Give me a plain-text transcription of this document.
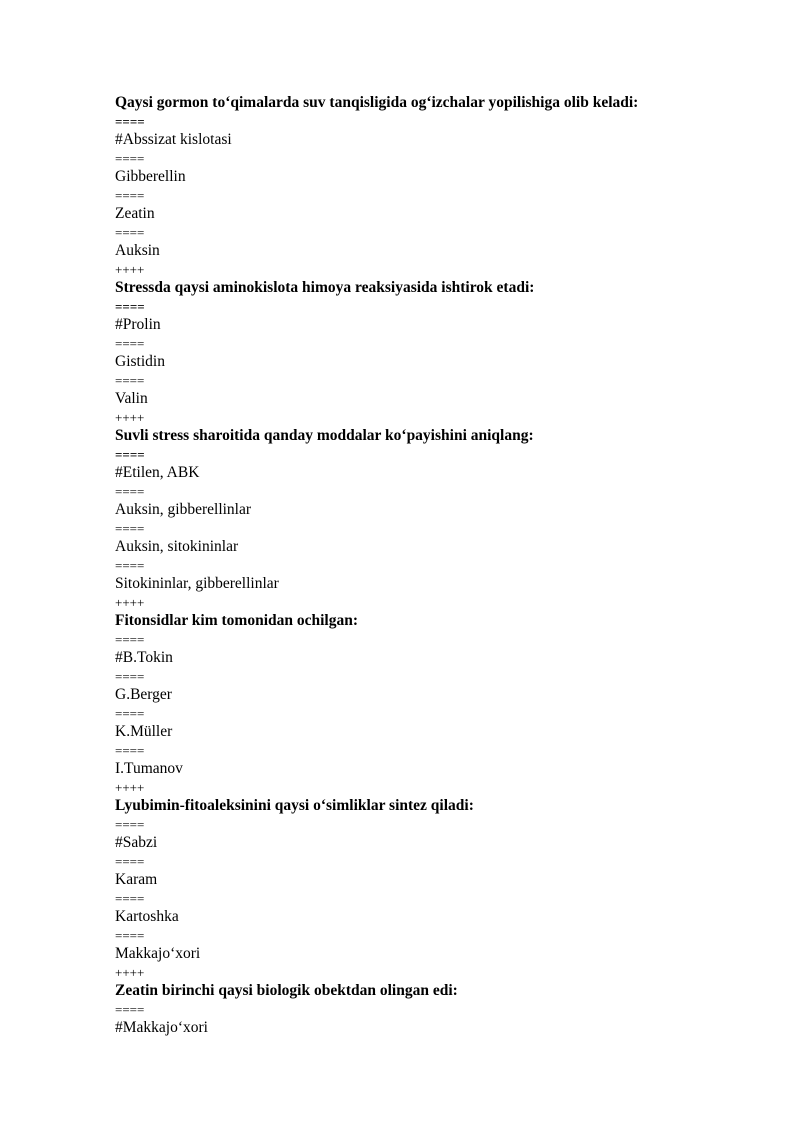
Qaysi gormon to‘qimalarda suv tanqisligida og‘izchalar yopilishiga olib keladi:
====
#Abssizat kislotasi
====
Gibberellin
====
Zeatin
====
Auksin
++++
Stressda qaysi aminokislota himoya reaksiyasida ishtirok etadi:
====
#Prolin
====
Gistidin
====
Valin
++++
Suvli stress sharoitida qanday moddalar ko‘payishini aniqlang:
====
#Etilen, ABK
====
Auksin, gibberellinlar
====
Auksin, sitokininlar
====
Sitokininlar, gibberellinlar
++++
Fitonsidlar kim tomonidan ochilgan:
====
#B.Tokin
====
G.Berger
====
K.Müller
====
I.Tumanov
++++
Lyubimin-fitoaleksinini qaysi o‘simliklar sintez qiladi:
====
#Sabzi
====
Karam
====
Kartoshka
====
Makkajo‘xori
++++
Zeatin birinchi qaysi biologik obektdan olingan edi:
====
#Makkajo‘xori
